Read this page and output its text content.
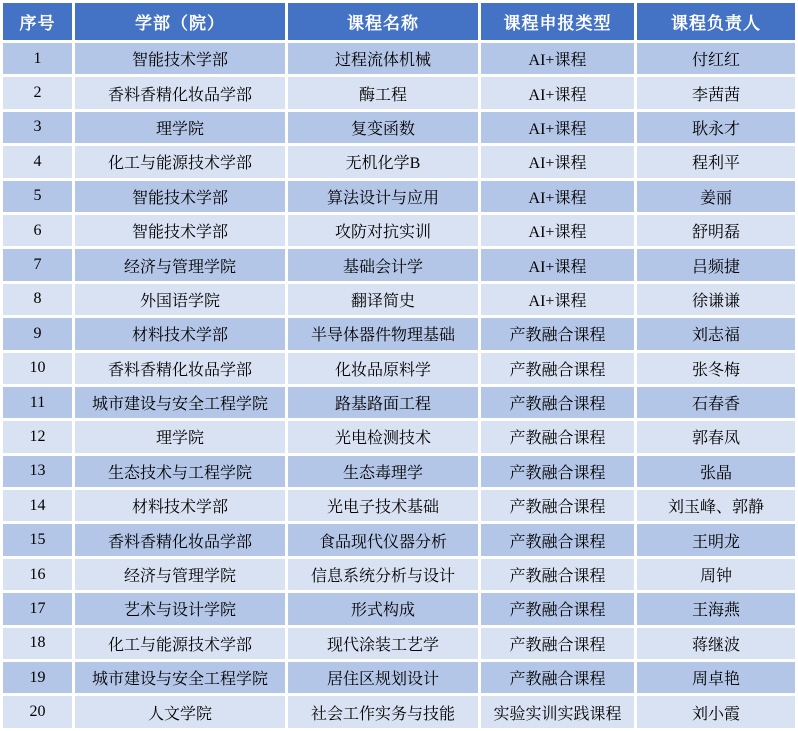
序号	学部（院）	课程名称	课程申报类型	课程负责人
1	智能技术学部	过程流体机械	AI+课程	付红红
2	香料香精化妆品学部	酶工程	AI+课程	李茜茜
3	理学院	复变函数	AI+课程	耿永才
4	化工与能源技术学部	无机化学B	AI+课程	程利平
5	智能技术学部	算法设计与应用	AI+课程	姜丽
6	智能技术学部	攻防对抗实训	AI+课程	舒明磊
7	经济与管理学院	基础会计学	AI+课程	吕频捷
8	外国语学院	翻译简史	AI+课程	徐谦谦
9	材料技术学部	半导体器件物理基础	产教融合课程	刘志福
10	香料香精化妆品学部	化妆品原料学	产教融合课程	张冬梅
11	城市建设与安全工程学院	路基路面工程	产教融合课程	石春香
12	理学院	光电检测技术	产教融合课程	郭春凤
13	生态技术与工程学院	生态毒理学	产教融合课程	张晶
14	材料技术学部	光电子技术基础	产教融合课程	刘玉峰、郭静
15	香料香精化妆品学部	食品现代仪器分析	产教融合课程	王明龙
16	经济与管理学院	信息系统分析与设计	产教融合课程	周钟
17	艺术与设计学院	形式构成	产教融合课程	王海燕
18	化工与能源技术学部	现代涂装工艺学	产教融合课程	蒋继波
19	城市建设与安全工程学院	居住区规划设计	产教融合课程	周卓艳
20	人文学院	社会工作实务与技能	实验实训实践课程	刘小霞
